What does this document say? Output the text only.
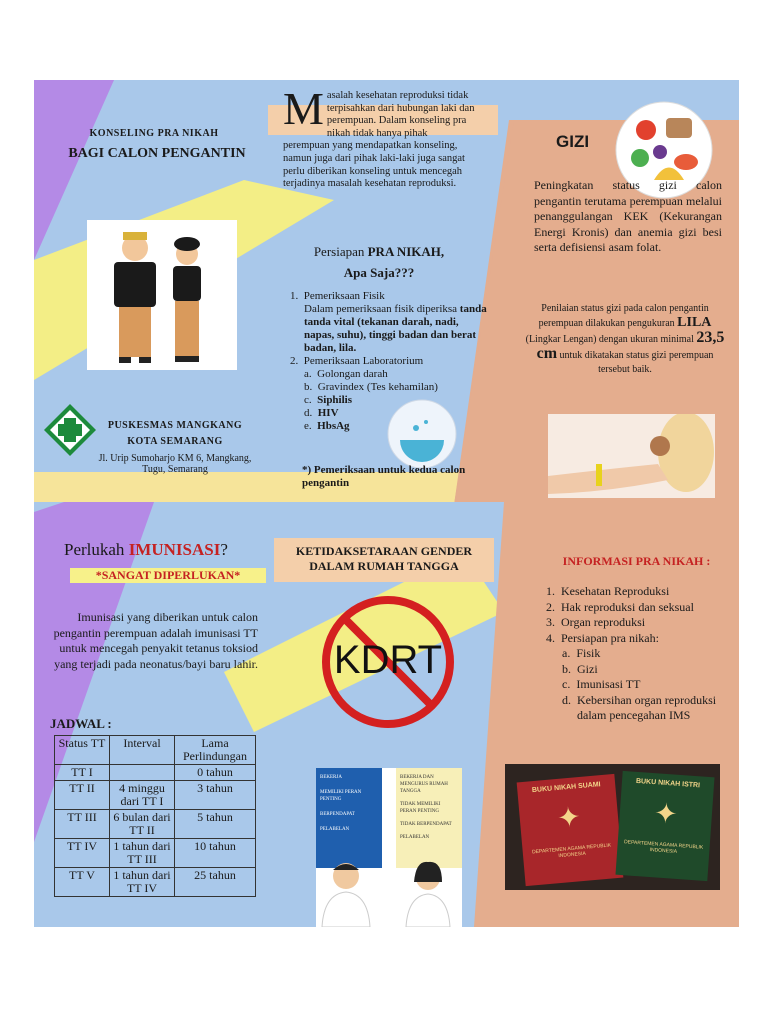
KONSELING PRA NIKAH
BAGI CALON PENGANTIN
PUSKESMAS MANGKANG
KOTA SEMARANG
Jl. Urip Sumoharjo KM 6, Mangkang, Tugu, Semarang
Masalah kesehatan reproduksi tidak terpisahkan dari hubungan laki dan perempuan. Dalam konseling pra nikah tidak hanya pihak perempuan yang mendapatkan konseling, namun juga dari pihak laki-laki juga sangat perlu diberikan konseling untuk mencegah terjadinya masalah kesehatan reproduksi.
Persiapan PRA NIKAH,
Apa Saja???
1.  Pemeriksaan Fisik
Dalam pemeriksaan fisik diperiksa tanda tanda vital (tekanan darah, nadi, napas, suhu), tinggi badan dan berat badan, lila.
2.  Pemeriksaan Laboratorium
a.  Golongan darah
b.  Gravindex (Tes kehamilan)
c.  Siphilis
d.  HIV
e.  HbsAg
*) Pemeriksaan untuk kedua calon pengantin
GIZI
Peningkatan status gizi calon pengantin terutama perempuan melalui penanggulangan KEK (Kekurangan Energi Kronis) dan anemia gizi besi serta defisiensi asam folat.
Penilaian status gizi pada calon pengantin perempuan dilakukan pengukuran LILA (Lingkar Lengan) dengan ukuran minimal 23,5 cm untuk dikatakan status gizi perempuan tersebut baik.
Perlukah IMUNISASI?
*SANGAT DIPERLUKAN*
Imunisasi yang diberikan untuk calon pengantin perempuan adalah imunisasi TT untuk mencegah penyakit tetanus toksiod yang terjadi pada neonatus/bayi baru lahir.
JADWAL :
Status TT	Interval	Lama Perlindungan
TT I		0 tahun
TT II	4 minggu dari TT I	3 tahun
TT III	6 bulan dari TT II	5 tahun
TT IV	1 tahun dari TT III	10 tahun
TT V	1 tahun dari TT IV	25 tahun
KETIDAKSETARAAN GENDER
DALAM RUMAH TANGGA
KDRT
BEKERJA
MEMILIKI PERAN PENTING
BERPENDAPAT
PELABELAN
BEKERJA DAN MENGURUS RUMAH TANGGA
TIDAK MEMILIKI PERAN PENTING
TIDAK BERPENDAPAT
PELABELAN
INFORMASI PRA NIKAH :
1.  Kesehatan Reproduksi
2.  Hak reproduksi dan seksual
3.  Organ reproduksi
4.  Persiapan pra nikah:
a.  Fisik
b.  Gizi
c.  Imunisasi TT
d. Kebersihan organ reproduksi dalam pencegahan IMS
BUKU NIKAH SUAMI
✦
DEPARTEMEN AGAMA REPUBLIK INDONESIA
BUKU NIKAH ISTRI
✦
DEPARTEMEN AGAMA REPUBLIK INDONESIA
